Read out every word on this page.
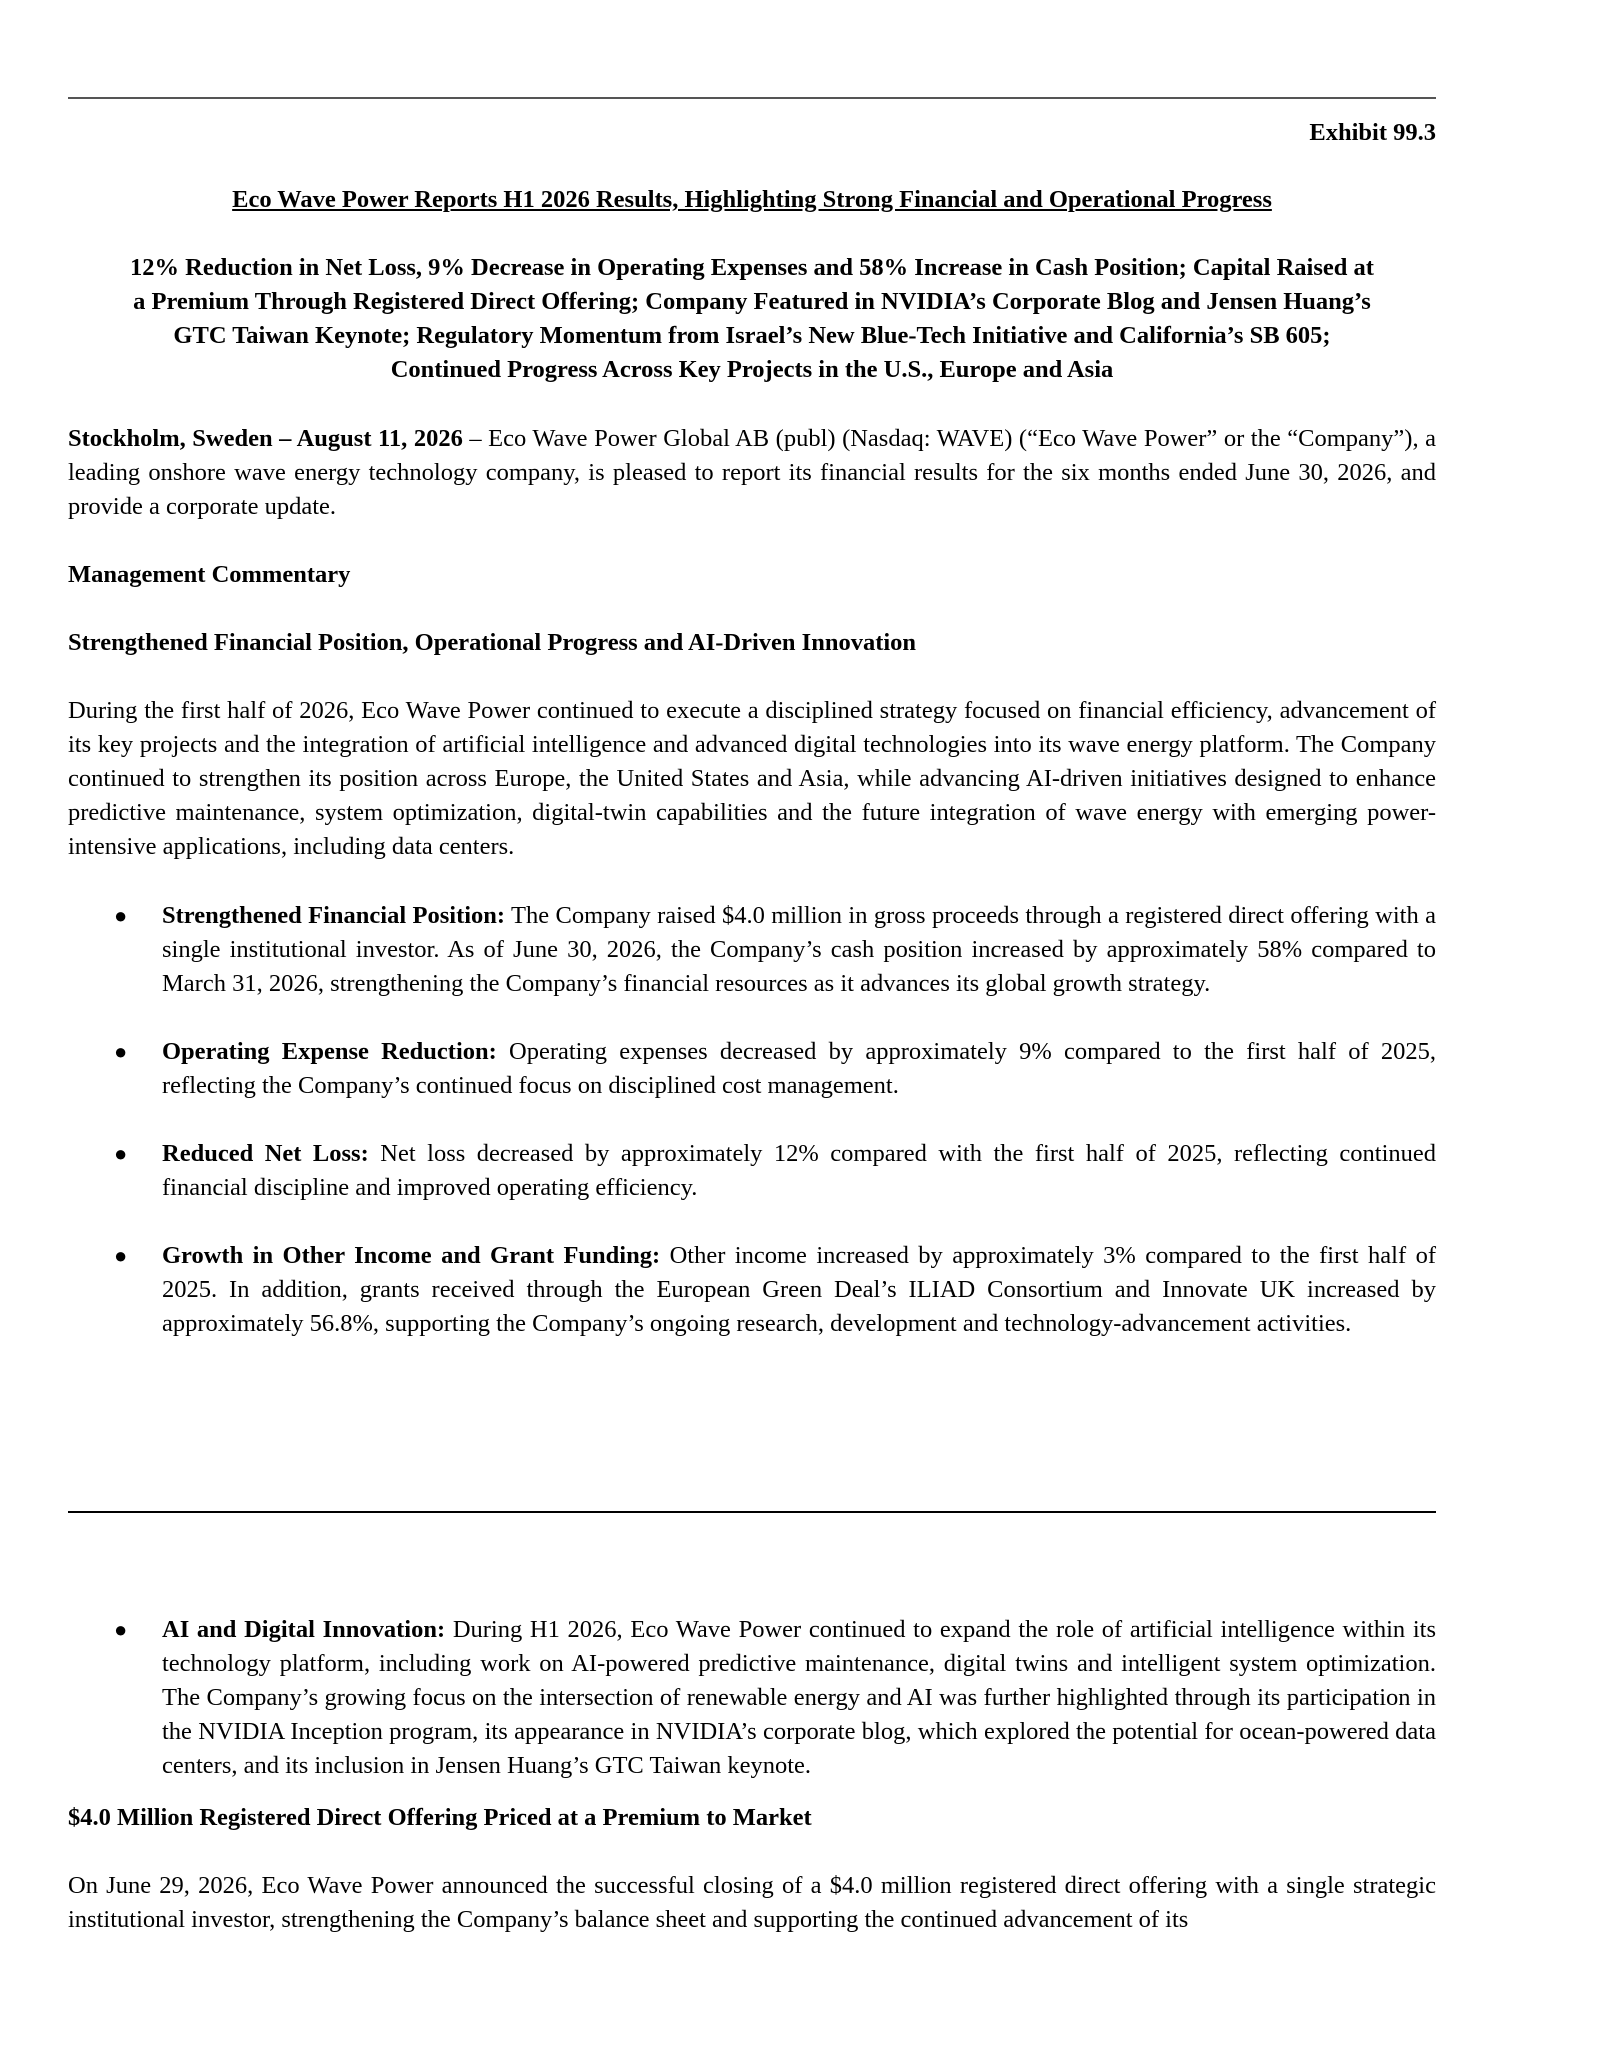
Exhibit 99.3

Eco Wave Power Reports H1 2026 Results, Highlighting Strong Financial and Operational Progress

12% Reduction in Net Loss, 9% Decrease in Operating Expenses and 58% Increase in Cash Position; Capital Raised at
a Premium Through Registered Direct Offering; Company Featured in NVIDIA’s Corporate Blog and Jensen Huang’s
GTC Taiwan Keynote; Regulatory Momentum from Israel’s New Blue-Tech Initiative and California’s SB 605;
Continued Progress Across Key Projects in the U.S., Europe and Asia

Stockholm, Sweden – August 11, 2026 – Eco Wave Power Global AB (publ) (Nasdaq: WAVE) (“Eco Wave Power” or the “Company”), a leading onshore wave energy technology company, is pleased to report its financial results for the six months ended June 30, 2026, and provide a corporate update.

Management Commentary

Strengthened Financial Position, Operational Progress and AI-Driven Innovation

During the first half of 2026, Eco Wave Power continued to execute a disciplined strategy focused on financial efficiency, advancement of its key projects and the integration of artificial intelligence and advanced digital technologies into its wave energy platform. The Company continued to strengthen its position across Europe, the United States and Asia, while advancing AI-driven initiatives designed to enhance predictive maintenance, system optimization, digital-twin capabilities and the future integration of wave energy with emerging power-intensive applications, including data centers.

● Strengthened Financial Position: The Company raised $4.0 million in gross proceeds through a registered direct offering with a single institutional investor. As of June 30, 2026, the Company’s cash position increased by approximately 58% compared to March 31, 2026, strengthening the Company’s financial resources as it advances its global growth strategy.
● Operating Expense Reduction: Operating expenses decreased by approximately 9% compared to the first half of 2025, reflecting the Company’s continued focus on disciplined cost management.
● Reduced Net Loss: Net loss decreased by approximately 12% compared with the first half of 2025, reflecting continued financial discipline and improved operating efficiency.
● Growth in Other Income and Grant Funding: Other income increased by approximately 3% compared to the first half of 2025. In addition, grants received through the European Green Deal’s ILIAD Consortium and Innovate UK increased by approximately 56.8%, supporting the Company’s ongoing research, development and technology-advancement activities.
● AI and Digital Innovation: During H1 2026, Eco Wave Power continued to expand the role of artificial intelligence within its technology platform, including work on AI-powered predictive maintenance, digital twins and intelligent system optimization. The Company’s growing focus on the intersection of renewable energy and AI was further highlighted through its participation in the NVIDIA Inception program, its appearance in NVIDIA’s corporate blog, which explored the potential for ocean-powered data centers, and its inclusion in Jensen Huang’s GTC Taiwan keynote.

$4.0 Million Registered Direct Offering Priced at a Premium to Market

On June 29, 2026, Eco Wave Power announced the successful closing of a $4.0 million registered direct offering with a single strategic institutional investor, strengthening the Company’s balance sheet and supporting the continued advancement of its
